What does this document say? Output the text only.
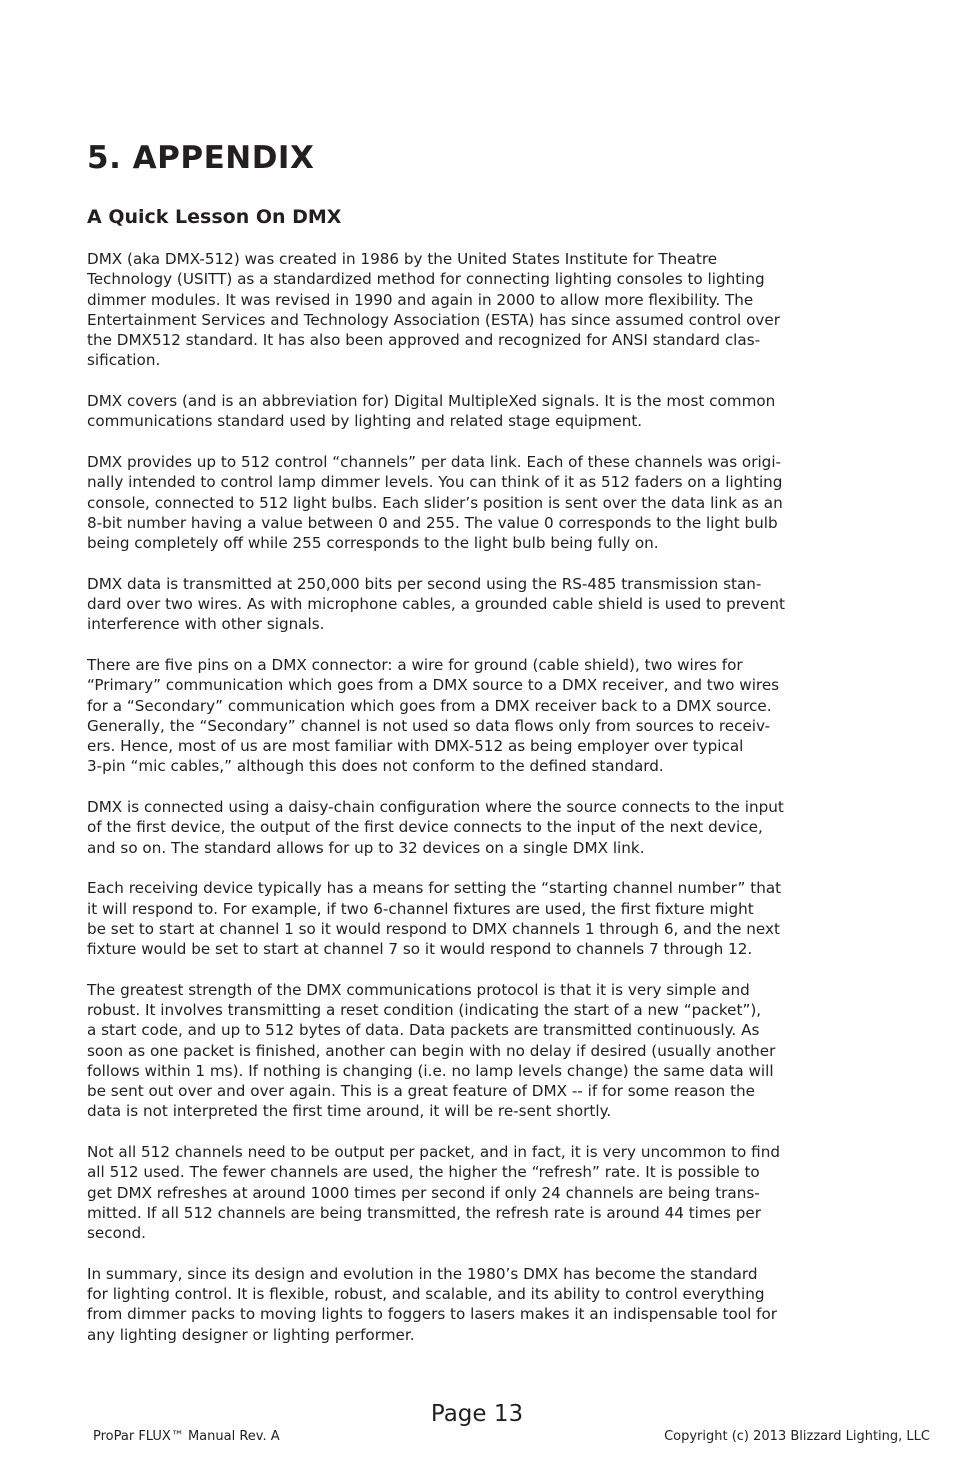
5. APPENDIX
A Quick Lesson On DMX

DMX (aka DMX-512) was created in 1986 by the United States Institute for Theatre
Technology (USITT) as a standardized method for connecting lighting consoles to lighting
dimmer modules. It was revised in 1990 and again in 2000 to allow more flexibility. The
Entertainment Services and Technology Association (ESTA) has since assumed control over
the DMX512 standard. It has also been approved and recognized for ANSI standard clas-
sification.

DMX covers (and is an abbreviation for) Digital MultipleXed signals. It is the most common
communications standard used by lighting and related stage equipment.

DMX provides up to 512 control “channels” per data link. Each of these channels was origi-
nally intended to control lamp dimmer levels. You can think of it as 512 faders on a lighting
console, connected to 512 light bulbs. Each slider’s position is sent over the data link as an
8-bit number having a value between 0 and 255. The value 0 corresponds to the light bulb
being completely off while 255 corresponds to the light bulb being fully on.

DMX data is transmitted at 250,000 bits per second using the RS-485 transmission stan-
dard over two wires. As with microphone cables, a grounded cable shield is used to prevent
interference with other signals.

There are five pins on a DMX connector: a wire for ground (cable shield), two wires for
“Primary” communication which goes from a DMX source to a DMX receiver, and two wires
for a “Secondary” communication which goes from a DMX receiver back to a DMX source.
Generally, the “Secondary” channel is not used so data flows only from sources to receiv-
ers. Hence, most of us are most familiar with DMX-512 as being employer over typical
3-pin “mic cables,” although this does not conform to the defined standard.

DMX is connected using a daisy-chain configuration where the source connects to the input
of the first device, the output of the first device connects to the input of the next device,
and so on. The standard allows for up to 32 devices on a single DMX link.

Each receiving device typically has a means for setting the “starting channel number” that
it will respond to. For example, if two 6-channel fixtures are used, the first fixture might
be set to start at channel 1 so it would respond to DMX channels 1 through 6, and the next
fixture would be set to start at channel 7 so it would respond to channels 7 through 12.

The greatest strength of the DMX communications protocol is that it is very simple and
robust. It involves transmitting a reset condition (indicating the start of a new “packet”),
a start code, and up to 512 bytes of data. Data packets are transmitted continuously. As
soon as one packet is finished, another can begin with no delay if desired (usually another
follows within 1 ms). If nothing is changing (i.e. no lamp levels change) the same data will
be sent out over and over again. This is a great feature of DMX -- if for some reason the
data is not interpreted the first time around, it will be re-sent shortly.

Not all 512 channels need to be output per packet, and in fact, it is very uncommon to find
all 512 used. The fewer channels are used, the higher the “refresh” rate. It is possible to
get DMX refreshes at around 1000 times per second if only 24 channels are being trans-
mitted. If all 512 channels are being transmitted, the refresh rate is around 44 times per
second.

In summary, since its design and evolution in the 1980’s DMX has become the standard
for lighting control. It is flexible, robust, and scalable, and its ability to control everything
from dimmer packs to moving lights to foggers to lasers makes it an indispensable tool for
any lighting designer or lighting performer.

Page 13
ProPar FLUX™ Manual Rev. A	Copyright (c) 2013 Blizzard Lighting, LLC
